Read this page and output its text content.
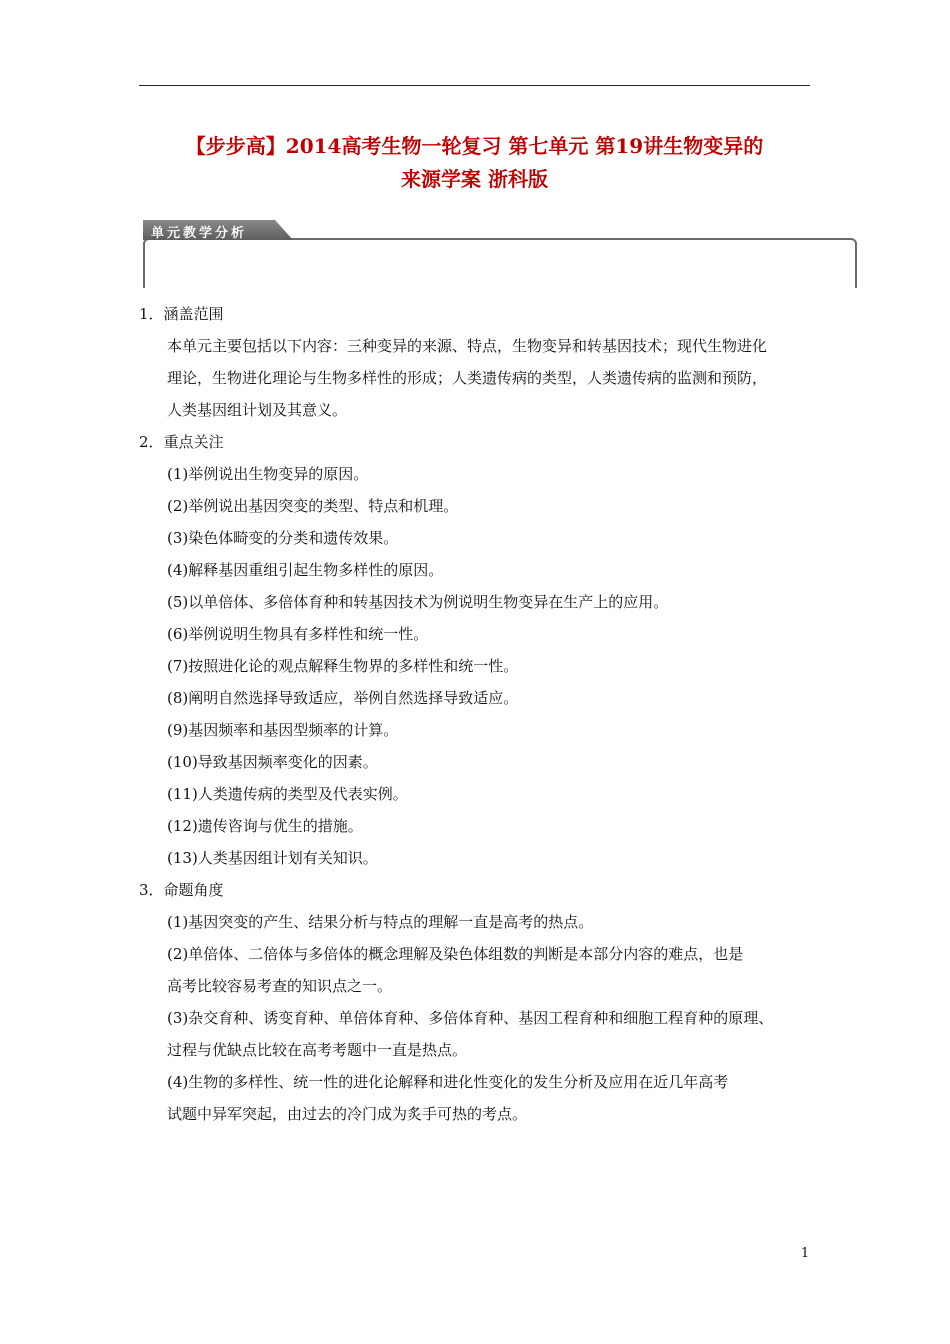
【步步高】2014高考生物一轮复习 第七单元 第19讲生物变异的
来源学案 浙科版
单元教学分析
1．涵盖范围
本单元主要包括以下内容：三种变异的来源、特点，生物变异和转基因技术；现代生物进化
理论，生物进化理论与生物多样性的形成；人类遗传病的类型，人类遗传病的监测和预防，
人类基因组计划及其意义。
2．重点关注
(1)举例说出生物变异的原因。
(2)举例说出基因突变的类型、特点和机理。
(3)染色体畸变的分类和遗传效果。
(4)解释基因重组引起生物多样性的原因。
(5)以单倍体、多倍体育种和转基因技术为例说明生物变异在生产上的应用。
(6)举例说明生物具有多样性和统一性。
(7)按照进化论的观点解释生物界的多样性和统一性。
(8)阐明自然选择导致适应，举例自然选择导致适应。
(9)基因频率和基因型频率的计算。
(10)导致基因频率变化的因素。
(11)人类遗传病的类型及代表实例。
(12)遗传咨询与优生的措施。
(13)人类基因组计划有关知识。
3．命题角度
(1)基因突变的产生、结果分析与特点的理解一直是高考的热点。
(2)单倍体、二倍体与多倍体的概念理解及染色体组数的判断是本部分内容的难点，也是
高考比较容易考查的知识点之一。
(3)杂交育种、诱变育种、单倍体育种、多倍体育种、基因工程育种和细胞工程育种的原理、
过程与优缺点比较在高考考题中一直是热点。
(4)生物的多样性、统一性的进化论解释和进化性变化的发生分析及应用在近几年高考
试题中异军突起，由过去的冷门成为炙手可热的考点。
1
